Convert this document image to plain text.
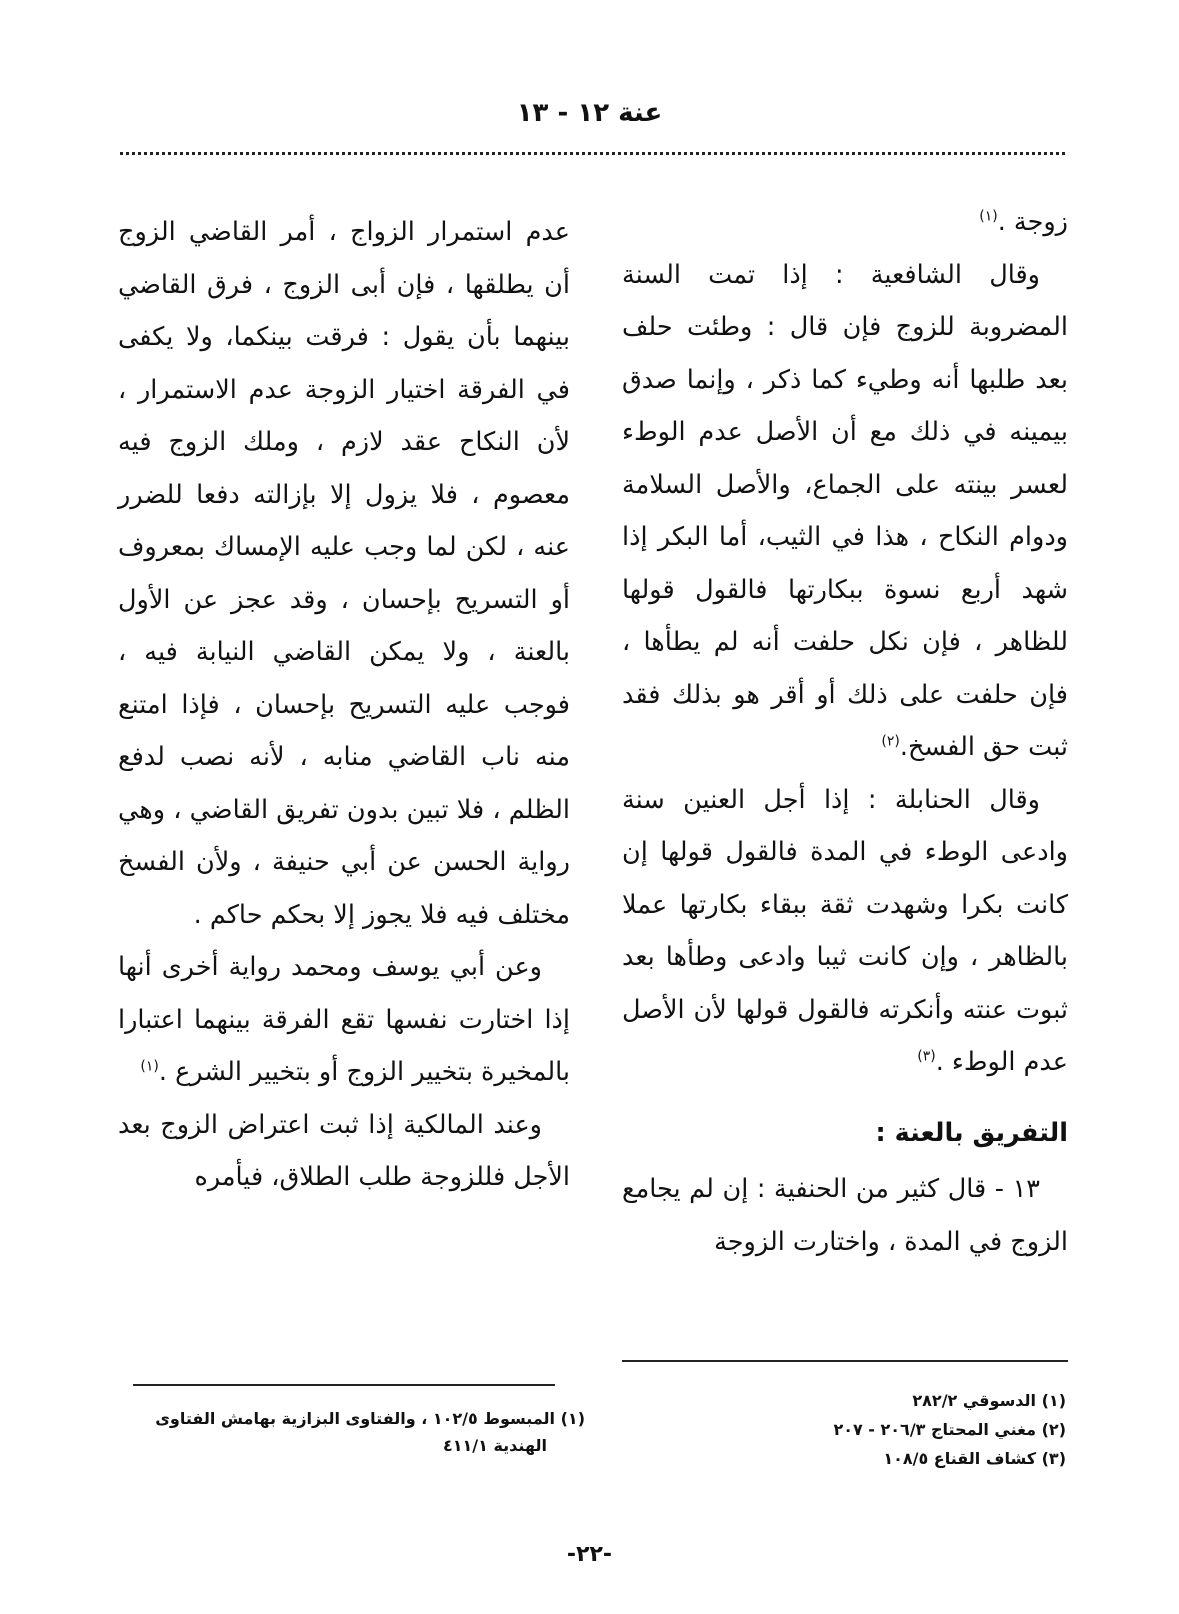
عنة ١٢ - ١٣

زوجة .$^{(١)}$

وقال الشافعية : إذا تمت السنة المضروبة للزوج فإن قال : وطئت حلف بعد طلبها أنه وطيء كما ذكر ، وإنما صدق بيمينه في ذلك مع أن الأصل عدم الوطء لعسر بينته على الجماع، والأصل السلامة ودوام النكاح ، هذا في الثيب، أما البكر إذا شهد أربع نسوة ببكارتها فالقول قولها للظاهر ، فإن نكل حلفت أنه لم يطأها ، فإن حلفت على ذلك أو أقر هو بذلك فقد ثبت حق الفسخ.$^{(٢)}$

وقال الحنابلة : إذا أجل العنين سنة وادعى الوطء في المدة فالقول قولها إن كانت بكرا وشهدت ثقة ببقاء بكارتها عملا بالظاهر ، وإن كانت ثيبا وادعى وطأها بعد ثبوت عنته وأنكرته فالقول قولها لأن الأصل عدم الوطء .$^{(٣)}$

التفريق بالعنة :

١٣ - قال كثير من الحنفية : إن لم يجامع الزوج في المدة ، واختارت الزوجة

عدم استمرار الزواج ، أمر القاضي الزوج أن يطلقها ، فإن أبى الزوج ، فرق القاضي بينهما بأن يقول : فرقت بينكما، ولا يكفى في الفرقة اختيار الزوجة عدم الاستمرار ، لأن النكاح عقد لازم ، وملك الزوج فيه معصوم ، فلا يزول إلا بإزالته دفعا للضرر عنه ، لكن لما وجب عليه الإمساك بمعروف أو التسريح بإحسان ، وقد عجز عن الأول بالعنة ، ولا يمكن القاضي النيابة فيه ، فوجب عليه التسريح بإحسان ، فإذا امتنع منه ناب القاضي منابه ، لأنه نصب لدفع الظلم ، فلا تبين بدون تفريق القاضي ، وهي رواية الحسن عن أبي حنيفة ، ولأن الفسخ مختلف فيه فلا يجوز إلا بحكم حاكم .

وعن أبي يوسف ومحمد رواية أخرى أنها إذا اختارت نفسها تقع الفرقة بينهما اعتبارا بالمخيرة بتخيير الزوج أو بتخيير الشرع .$^{(١)}$

وعند المالكية إذا ثبت اعتراض الزوج بعد الأجل فللزوجة طلب الطلاق، فيأمره

(١) الدسوقي ٢٨٢/٢
(٢) مغني المحتاج ٢٠٦/٣ - ٢٠٧
(٣) كشاف القناع ١٠٨/٥
(١) المبسوط ١٠٢/٥ ، والفتاوى البزازية بهامش الفتاوى
الهندية ٤١١/١
-٢٢-
